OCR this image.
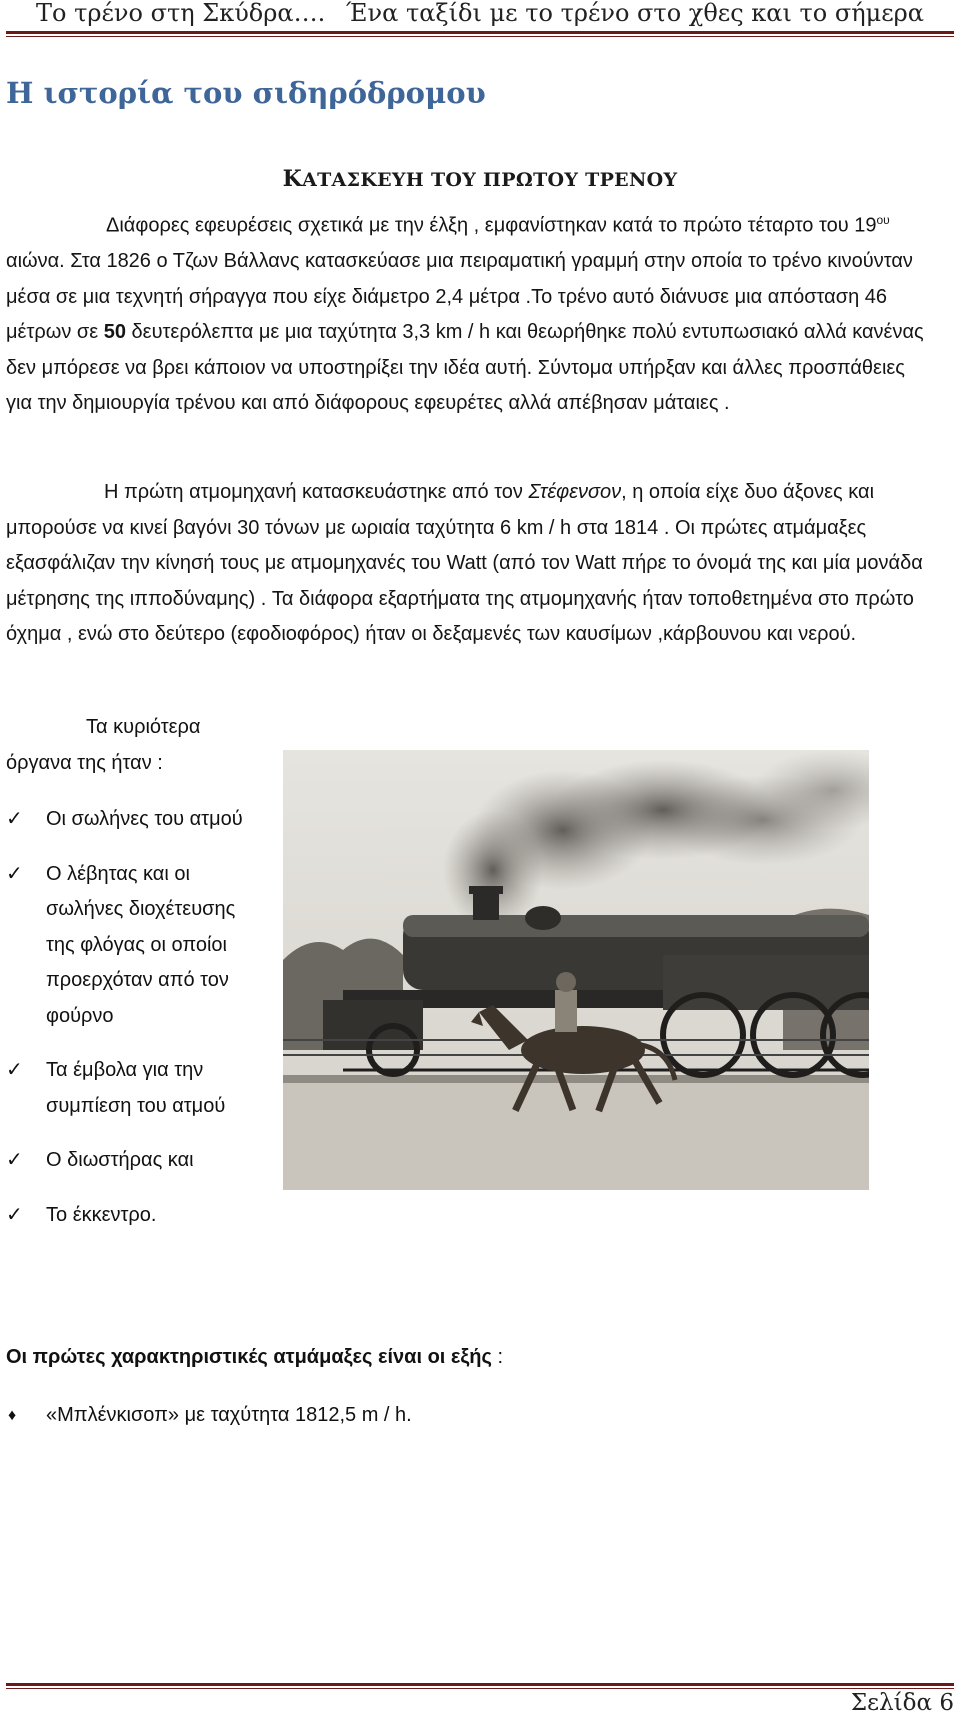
Το τρένο στη Σκύδρα…. Ένα ταξίδι με το τρένο στο χθες και το σήμερα
Η ιστορία του σιδηρόδρομου
ΚΑΤΑΣΚΕΥΗ ΤΟΥ ΠΡΩΤΟΥ ΤΡΕΝΟΥ

Διάφορες εφευρέσεις σχετικά με την έλξη , εμφανίστηκαν κατά το πρώτο τέταρτο του $19^{o\upsilon}$ αιώνα. Στα 1826 ο Τζων Βάλλανς κατασκεύασε μια πειραματική γραμμή στην οποία το τρένο κινούνταν μέσα σε μια τεχνητή σήραγγα που είχε διάμετρο 2,4 μέτρα .Το τρένο αυτό διάνυσε μια απόσταση 46 μέτρων σε 50 δευτερόλεπτα με μια ταχύτητα 3,3 km / h και θεωρήθηκε πολύ εντυπωσιακό αλλά κανένας δεν μπόρεσε να βρει κάποιον να υποστηρίξει την ιδέα αυτή. Σύντομα υπήρξαν και άλλες προσπάθειες για την δημιουργία τρένου και από διάφορους εφευρέτες αλλά απέβησαν μάταιες .

Η πρώτη ατμομηχανή κατασκευάστηκε από τον Στέφενσον, η οποία είχε δυο άξονες και μπορούσε να κινεί βαγόνι 30 τόνων με ωριαία ταχύτητα 6 km / h στα 1814 . Οι πρώτες ατμάμαξες εξασφάλιζαν την κίνησή τους με ατμομηχανές του Watt (από τον Watt πήρε το όνομά της και μία μονάδα μέτρησης της ιπποδύναμης) . Τα διάφορα εξαρτήματα της ατμομηχανής ήταν τοποθετημένα στο πρώτο όχημα , ενώ στο δεύτερο (εφοδιοφόρος) ήταν οι δεξαμενές των καυσίμων ,κάρβουνου και νερού.

Τα κυριότερα
όργανα της ήταν :
✓ Οι σωλήνες του ατμού
✓ Ο λέβητας και οι σωλήνες διοχέτευσης της φλόγας οι οποίοι προερχόταν από τον φούρνο
✓ Τα έμβολα για την συμπίεση του ατμού
✓ Ο διωστήρας και
✓ Το έκκεντρο.
Οι πρώτες χαρακτηριστικές ατμάμαξες είναι οι εξής :
♦ «Μπλένκισοπ» με ταχύτητα 1812,5 m / h.
Σελίδα 6
